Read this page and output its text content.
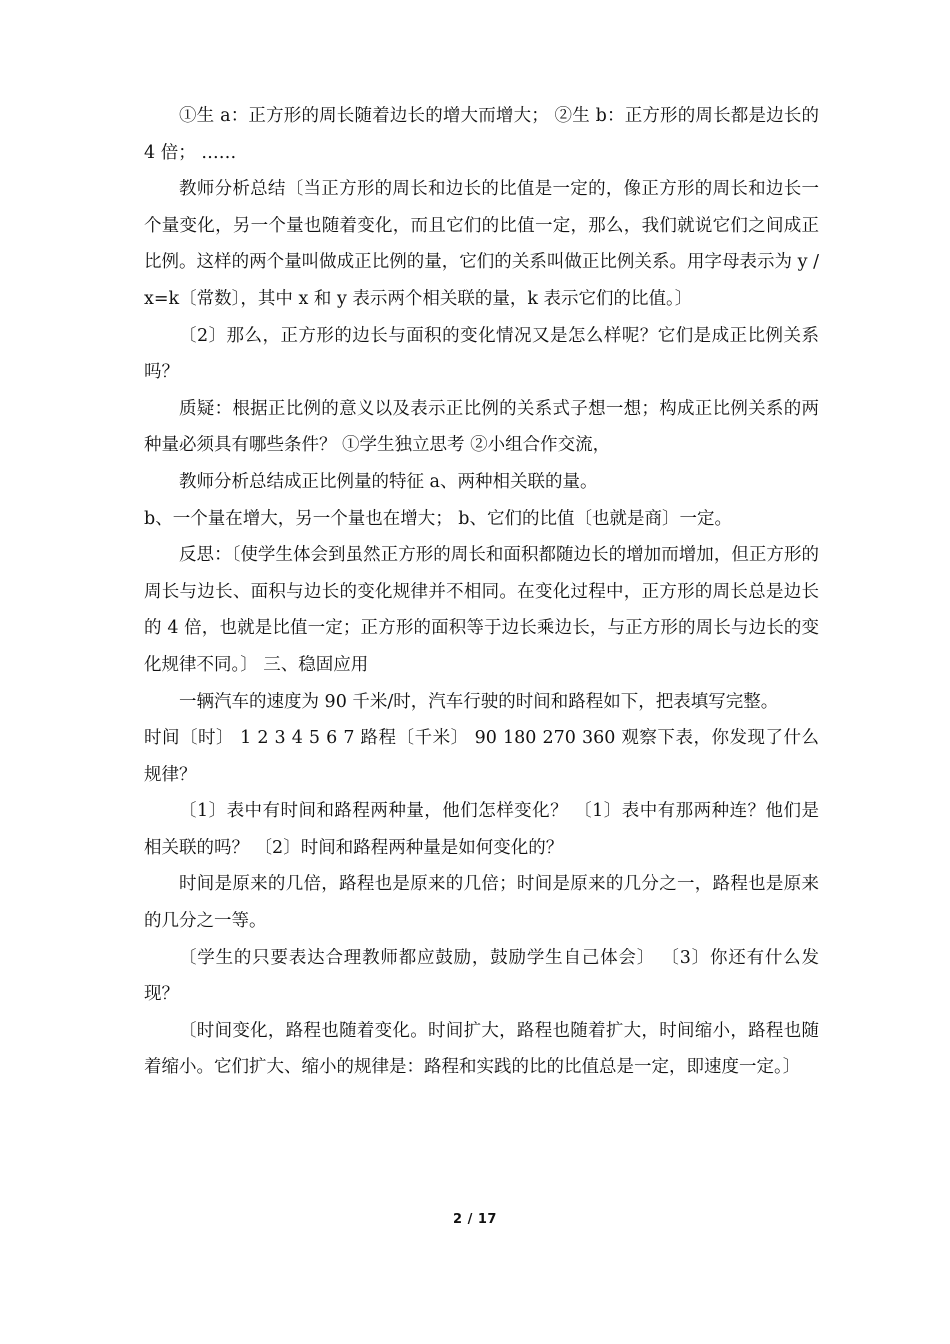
①生 a：正方形的周长随着边长的增大而增大； ②生 b：正方形的周长都是边长的 4 倍； ……

教师分析总结〔当正方形的周长和边长的比值是一定的，像正方形的周长和边长一个量变化，另一个量也随着变化，而且它们的比值一定，那么，我们就说它们之间成正比例。这样的两个量叫做成正比例的量，它们的关系叫做正比例关系。用字母表示为 y / x=k〔常数〕，其中 x 和 y 表示两个相关联的量，k 表示它们的比值。〕

〔2〕那么，正方形的边长与面积的变化情况又是怎么样呢？它们是成正比例关系吗？

质疑：根据正比例的意义以及表示正比例的关系式子想一想；构成正比例关系的两种量必须具有哪些条件？ ①学生独立思考 ②小组合作交流，

教师分析总结成正比例量的特征 a、两种相关联的量。

b、一个量在增大，另一个量也在增大； b、它们的比值〔也就是商〕一定。

反思：〔使学生体会到虽然正方形的周长和面积都随边长的增加而增加，但正方形的周长与边长、面积与边长的变化规律并不相同。在变化过程中，正方形的周长总是边长的 4 倍，也就是比值一定；正方形的面积等于边长乘边长，与正方形的周长与边长的变化规律不同。〕 三、稳固应用

一辆汽车的速度为 90 千米/时，汽车行驶的时间和路程如下，把表填写完整。

时间〔时〕 1 2 3 4 5 6 7 路程〔千米〕 90 180 270 360 观察下表，你发现了什么规律？

〔1〕表中有时间和路程两种量，他们怎样变化？ 〔1〕表中有那两种连？他们是相关联的吗？ 〔2〕时间和路程两种量是如何变化的？

时间是原来的几倍，路程也是原来的几倍；时间是原来的几分之一，路程也是原来的几分之一等。

〔学生的只要表达合理教师都应鼓励，鼓励学生自己体会〕 〔3〕你还有什么发现？

〔时间变化，路程也随着变化。时间扩大，路程也随着扩大，时间缩小，路程也随着缩小。它们扩大、缩小的规律是：路程和实践的比的比值总是一定，即速度一定。〕

2 / 17
